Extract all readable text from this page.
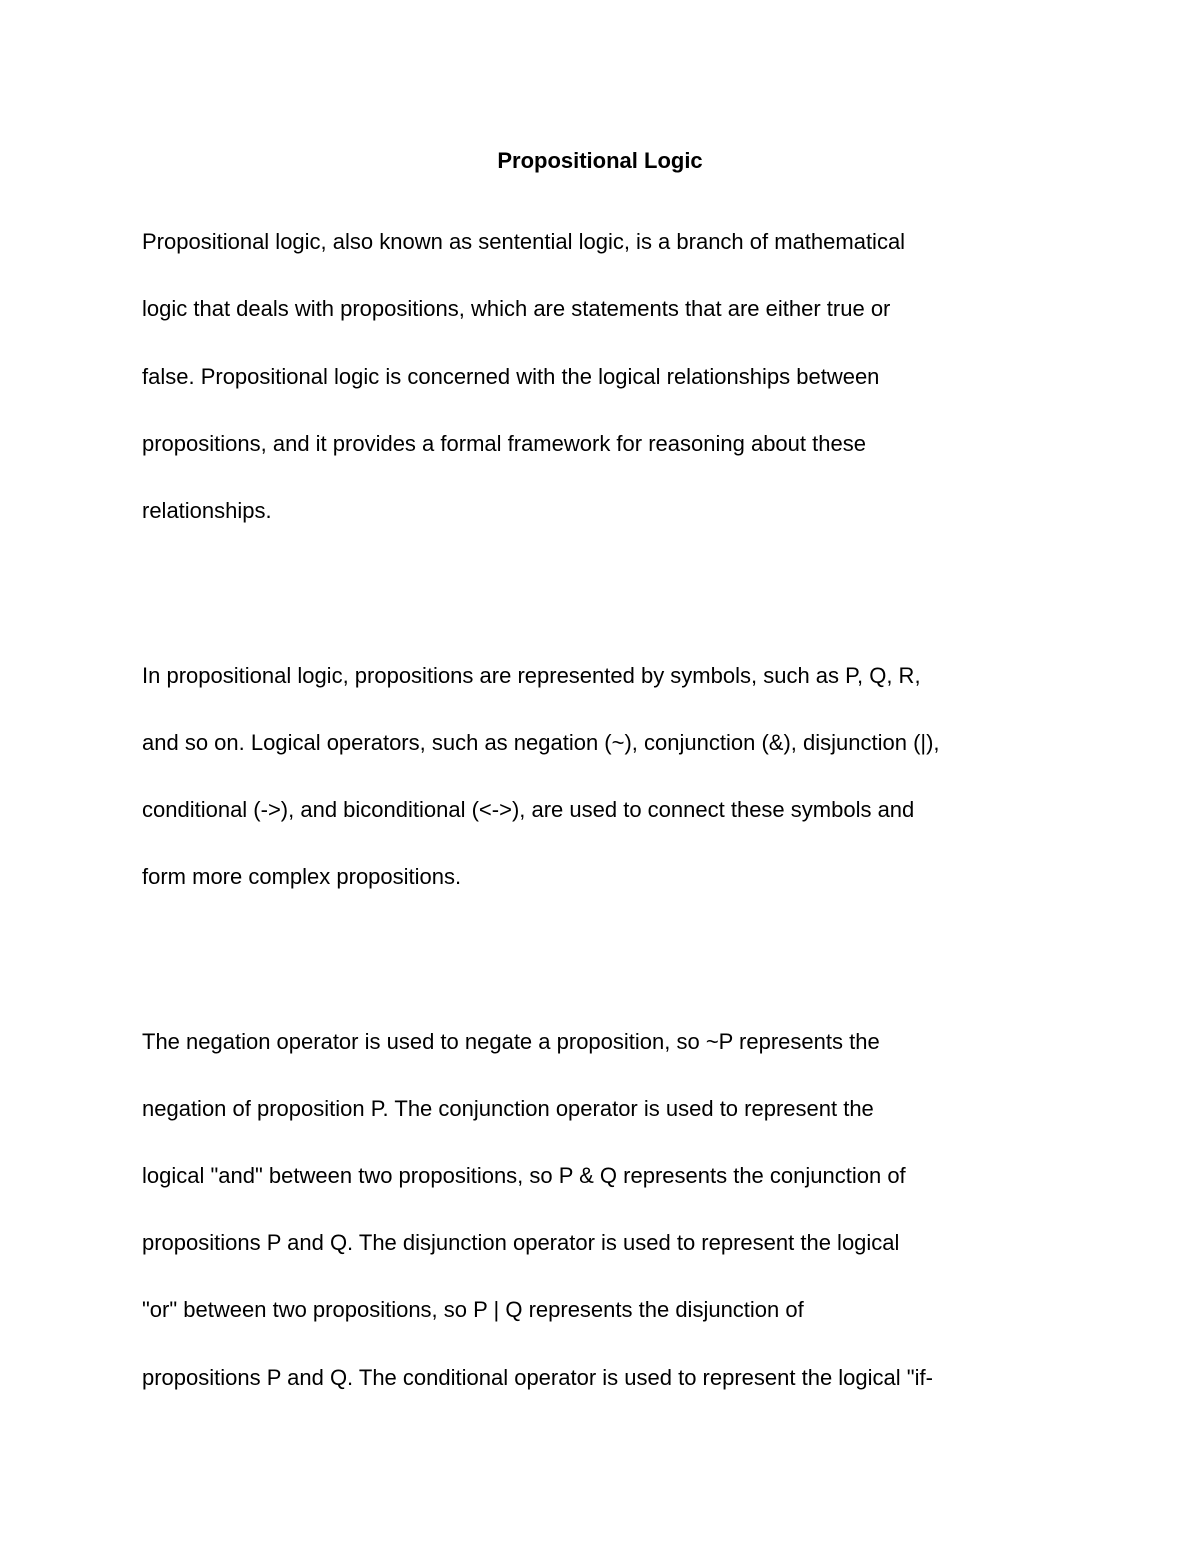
Propositional Logic
Propositional logic, also known as sentential logic, is a branch of mathematical
logic that deals with propositions, which are statements that are either true or
false. Propositional logic is concerned with the logical relationships between
propositions, and it provides a formal framework for reasoning about these
relationships.
In propositional logic, propositions are represented by symbols, such as P, Q, R,
and so on. Logical operators, such as negation (~), conjunction (&), disjunction (|),
conditional (->), and biconditional (<->), are used to connect these symbols and
form more complex propositions.
The negation operator is used to negate a proposition, so ~P represents the
negation of proposition P. The conjunction operator is used to represent the
logical "and" between two propositions, so P & Q represents the conjunction of
propositions P and Q. The disjunction operator is used to represent the logical
"or" between two propositions, so P | Q represents the disjunction of
propositions P and Q. The conditional operator is used to represent the logical "if-
